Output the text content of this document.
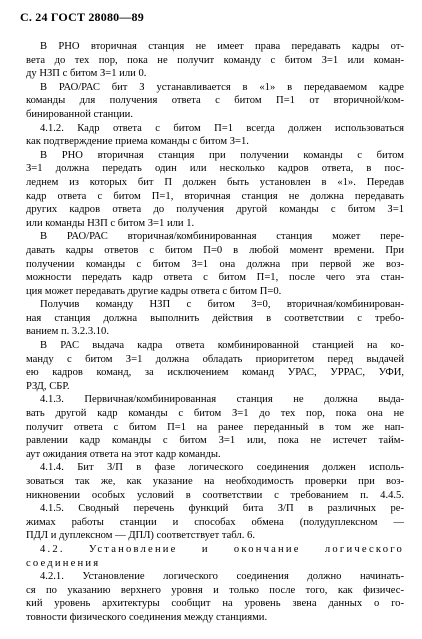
С. 24 ГОСТ 28080—89
В РНО вторичная станция не имеет права передавать кадры от-
вета до тех пор, пока не получит команду с битом З=1 или коман-
ду НЗП с битом З=1 или 0.
В РАО/РАС бит З устанавливается в «1» в передаваемом кадре
команды для получения ответа с битом П=1 от вторичной/ком-
бинированной станции.
4.1.2. Кадр ответа с битом П=1 всегда должен использоваться
как подтверждение приема команды с битом З=1.
В РНО вторичная станция при получении команды с битом
З=1 должна передать один или несколько кадров ответа, в пос-
леднем из которых бит П должен быть установлен в «1». Передав
кадр ответа с битом П=1, вторичная станция не должна передавать
других кадров ответа до получения другой команды с битом З=1
или команды НЗП с битом З=1 или 1.
В РАО/РАС вторичная/комбинированная станция может пере-
давать кадры ответов с битом П=0 в любой момент времени. При
получении команды с битом З=1 она должна при первой же воз-
можности передать кадр ответа с битом П=1, после чего эта стан-
ция может передавать другие кадры ответа с битом П=0.
Получив команду НЗП с битом З=0, вторичная/комбинирован-
ная станция должна выполнить действия в соответствии с требо-
ванием п. 3.2.3.10.
В РАС выдача кадра ответа комбинированной станцией на ко-
манду с битом З=1 должна обладать приоритетом перед выдачей
ею кадров команд, за исключением команд УРАС, УРРАС, УФИ,
РЗД, СБР.
4.1.3. Первичная/комбинированная станция не должна выда-
вать другой кадр команды с битом З=1 до тех пор, пока она не
получит ответа с битом П=1 на ранее переданный в том же нап-
равлении кадр команды с битом З=1 или, пока не истечет тайм-
аут ожидания ответа на этот кадр команды.
4.1.4. Бит З/П в фазе логического соединения должен исполь-
зоваться так же, как указание на необходимость проверки при воз-
никновении особых условий в соответствии с требованием п. 4.4.5.
4.1.5. Сводный перечень функций бита З/П в различных ре-
жимах работы станции и способах обмена (полудуплексном —
ПДЛ и дуплексном — ДПЛ) соответствует табл. 6.
4.2. Установление и окончание логического
соединения
4.2.1. Установление логического соединения должно начинать-
ся по указанию верхнего уровня и только после того, как физичес-
кий уровень архитектуры сообщит на уровень звена данных о го-
товности физического соединения между станциями.
